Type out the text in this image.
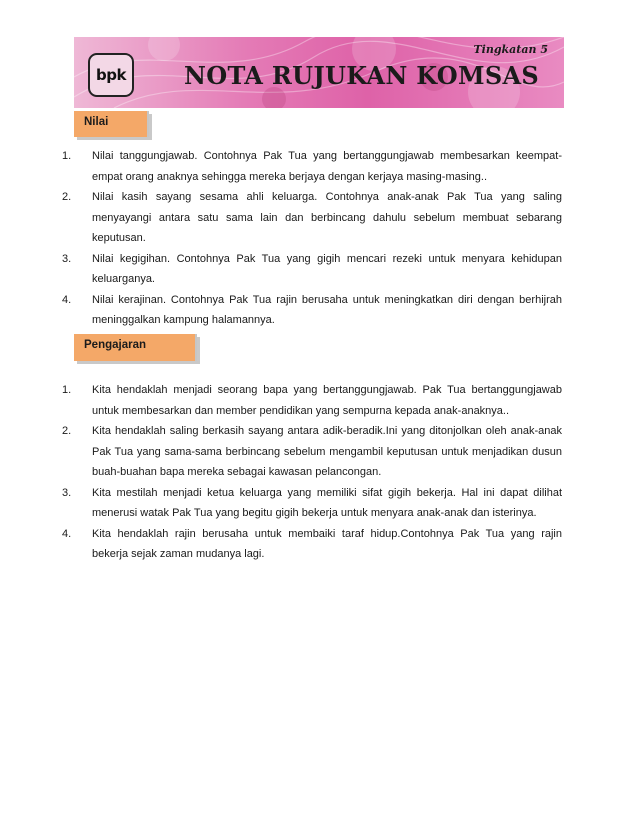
bpk NOTA RUJUKAN KOMSAS
Tingkatan 5
Nilai
1. Nilai tanggungjawab. Contohnya Pak Tua yang bertanggungjawab membesarkan keempat-empat orang anaknya sehingga mereka berjaya dengan kerjaya masing-masing..
2. Nilai kasih sayang sesama ahli keluarga. Contohnya anak-anak Pak Tua yang saling menyayangi antara satu sama lain dan berbincang dahulu sebelum membuat sebarang keputusan.
3. Nilai kegigihan. Contohnya Pak Tua yang gigih mencari rezeki untuk menyara kehidupan keluarganya.
4. Nilai kerajinan. Contohnya Pak Tua rajin berusaha untuk meningkatkan diri dengan berhijrah meninggalkan kampung halamannya.
Pengajaran
1. Kita hendaklah menjadi seorang bapa yang bertanggungjawab. Pak Tua bertanggungjawab untuk membesarkan dan member pendidikan yang sempurna kepada anak-anaknya..
2. Kita hendaklah saling berkasih sayang antara adik-beradik.Ini yang ditonjolkan oleh anak-anak Pak Tua yang sama-sama berbincang sebelum mengambil keputusan untuk menjadikan dusun buah-buahan bapa mereka sebagai kawasan pelancongan.
3. Kita mestilah menjadi ketua keluarga yang memiliki sifat gigih bekerja. Hal ini dapat dilihat menerusi watak Pak Tua yang begitu gigih bekerja untuk menyara anak-anak dan isterinya.
4. Kita hendaklah rajin berusaha untuk membaiki taraf hidup.Contohnya Pak Tua yang rajin bekerja sejak zaman mudanya lagi.
